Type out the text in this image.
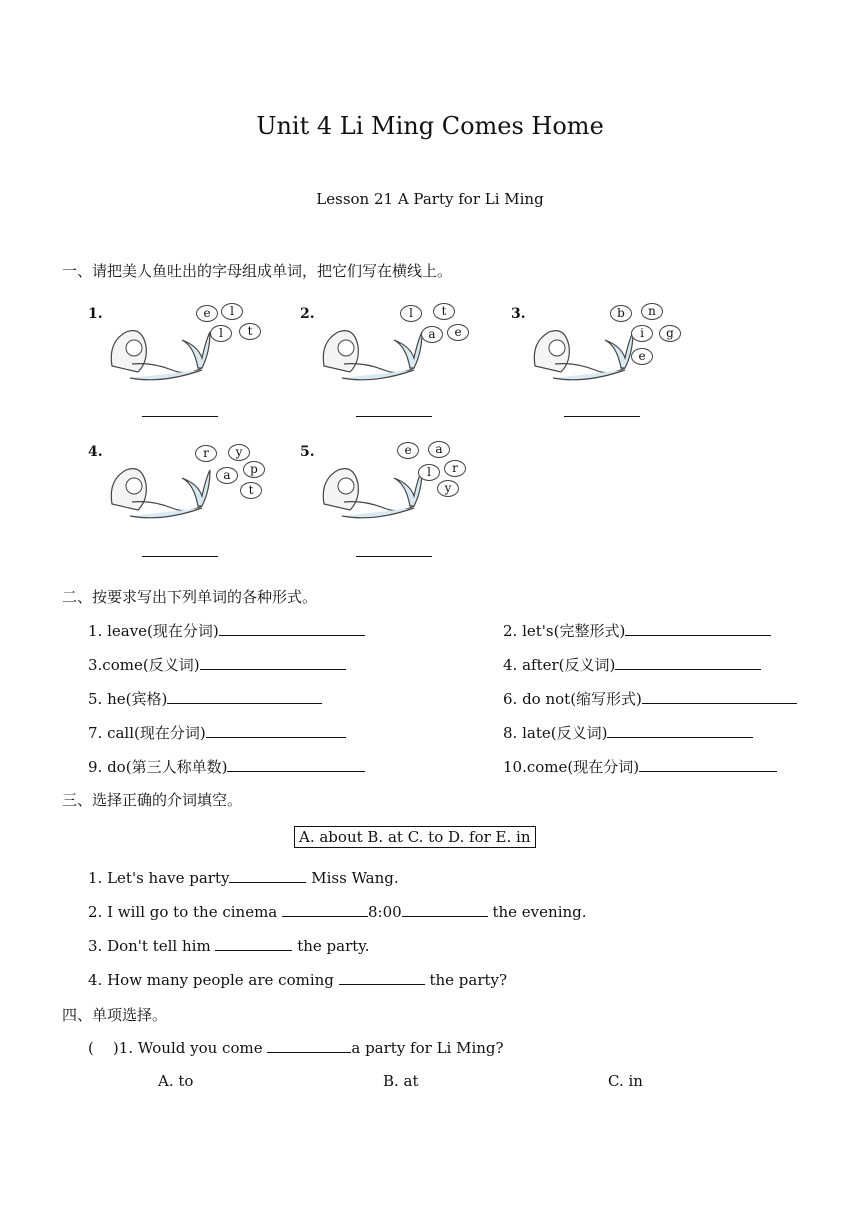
Unit 4 Li Ming Comes Home
Lesson 21 A Party for Li Ming
一、请把美人鱼吐出的字母组成单词，把它们写在横线上。
1.	e	l
l	t
2.	l	t
a	e
3.	b	n
i	g
e
4.	r	y
a	p
t
5.	e	a
l	r
y
二、按要求写出下列单词的各种形式。
1. leave(现在分词)	2. let's(完整形式)
3.come(反义词)	4. after(反义词)
5. he(宾格)	6. do not(缩写形式)
7. call(现在分词)	8. late(反义词)
9. do(第三人称单数)	10.come(现在分词)
三、选择正确的介词填空。
A. about B. at C. to D. for E. in
1. Let's have party	Miss Wang.
2. I will go to the cinema	8:00	the evening.
3. Don't tell him	the party.
4. How many people are coming	the party?
四、单项选择。
(    )1. Would you come	a party for Li Ming?
A. to	B. at	C. in
